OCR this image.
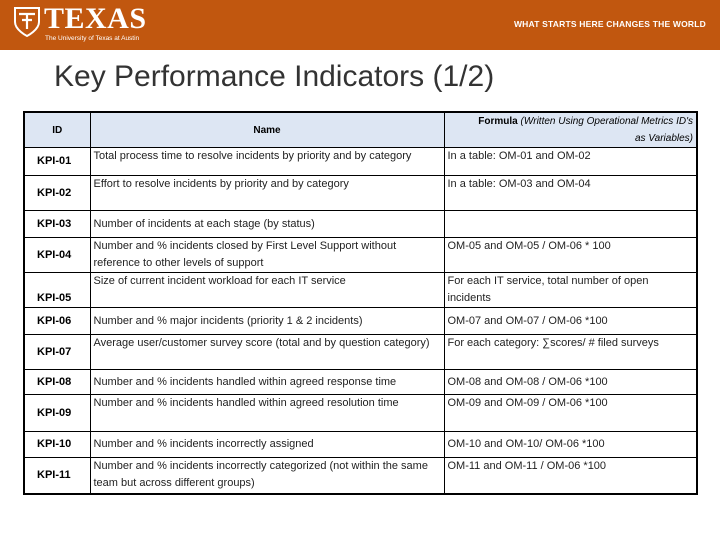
TEXAS
The University of Texas at Austin
WHAT STARTS HERE CHANGES THE WORLD
Key Performance Indicators (1/2)
ID	Name	Formula (Written Using Operational Metrics ID's
as Variables)
KPI-01	Total process time to resolve incidents by priority and by category	In a table: OM-01 and OM-02
KPI-02	Effort to resolve incidents by priority and by category	In a table: OM-03 and OM-04
KPI-03	Number of incidents at each stage (by status)	
KPI-04	Number and % incidents closed by First Level Support without reference to other levels of support	OM-05 and OM-05 / OM-06 * 100
KPI-05	Size of current incident workload for each IT service	For each IT service, total number of open incidents
KPI-06	Number and % major incidents (priority 1 & 2 incidents)	OM-07 and OM-07 / OM-06 *100
KPI-07	Average user/customer survey score (total and by question category)	For each category: ∑scores/ # filed surveys
KPI-08	Number and % incidents handled within agreed response time	OM-08 and OM-08 / OM-06 *100
KPI-09	Number and % incidents handled within agreed resolution time	OM-09 and OM-09 / OM-06 *100
KPI-10	Number and % incidents incorrectly assigned	OM-10 and OM-10/ OM-06 *100
KPI-11	Number and % incidents incorrectly categorized (not within the same team but across different groups)	OM-11 and OM-11 / OM-06 *100
